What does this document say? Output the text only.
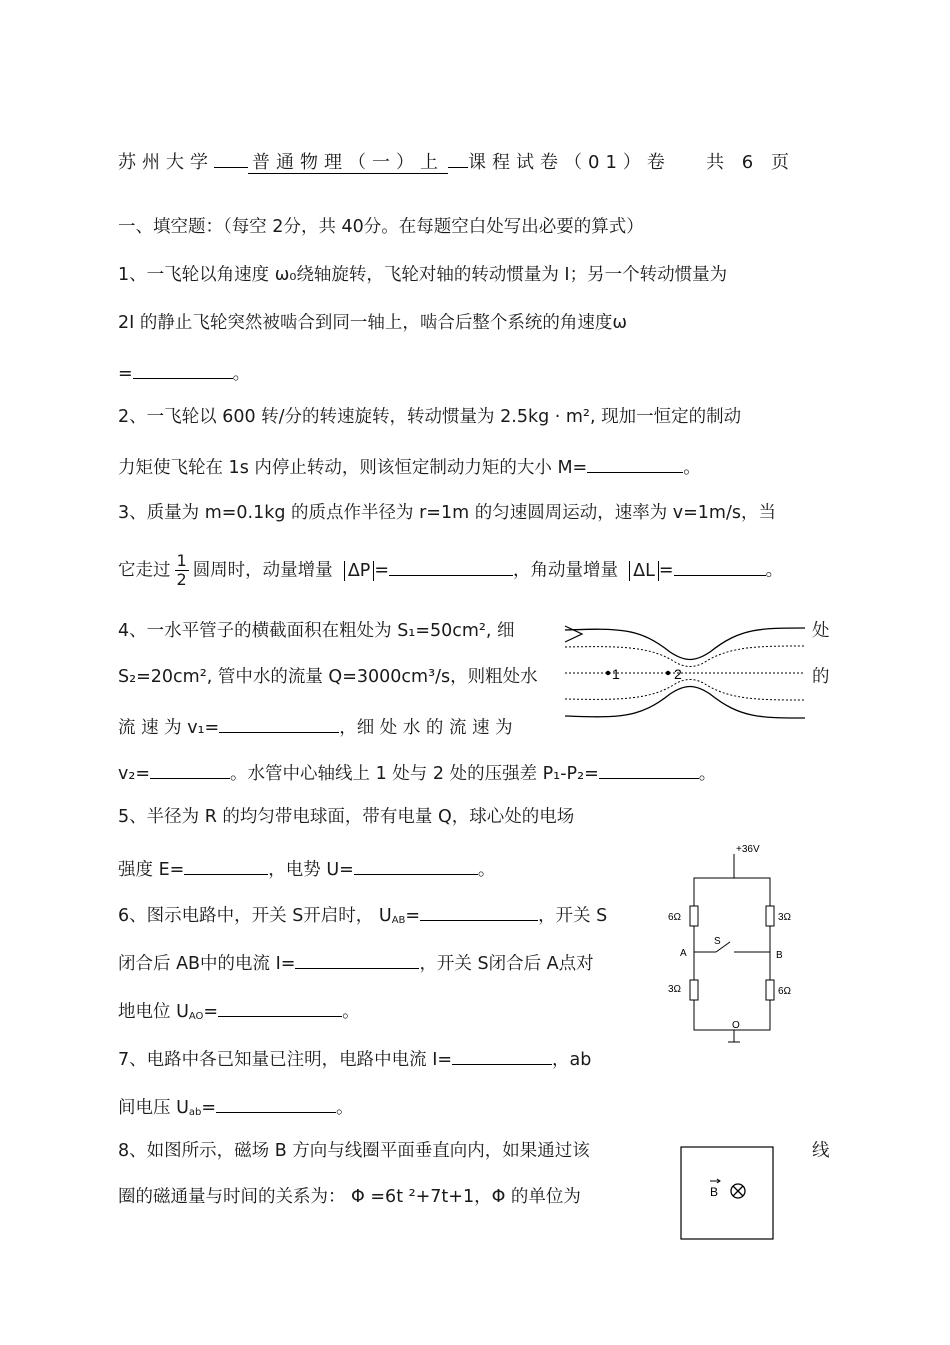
苏州大学 普通物理（一）上 课程试卷（01）卷 共 6 页
一、填空题：（每空 2分，共 40分。在每题空白处写出必要的算式）
1、一飞轮以角速度 ω₀绕轴旋转，飞轮对轴的转动惯量为 I；另一个转动惯量为
2I 的静止飞轮突然被啮合到同一轴上，啮合后整个系统的角速度ω
=	。
2、一飞轮以 600 转/分的转速旋转，转动惯量为 2.5kg · m², 现加一恒定的制动
力矩使飞轮在 1s 内停止转动，则该恒定制动力矩的大小 M=	。
3、质量为 m=0.1kg 的质点作半径为 r=1m 的匀速圆周运动，速率为 v=1m/s，当
它走过 $\frac{1}{2}$ 圆周时，动量增量 ΔP =	，角动量增量 ΔL =	。
4、一水平管子的横截面积在粗处为 S₁=50cm², 细	处
S₂=20cm², 管中水的流量 Q=3000cm³/s，则粗处水	的
流 速 为 v₁=	，细 处 水 的 流 速 为
v₂=	。水管中心轴线上 1 处与 2 处的压强差 P₁-P₂=	。
1	2
5、半径为 R 的均匀带电球面，带有电量 Q，球心处的电场
强度 E=	，电势 U=	。
6、图示电路中，开关 S开启时， $U_{AB}=$	，开关 S
闭合后 AB中的电流 I=	，开关 S闭合后 A点对
地电位 $U_{AO}=$	。
+36V
6Ω	3Ω
3Ω	6Ω
S
A	B
O
7、电路中各已知量已注明，电路中电流 I=	，ab
间电压 $U_{ab}=$	。
8、如图所示，磁场 B 方向与线圈平面垂直向内，如果通过该	线
圈的磁通量与时间的关系为： Φ =6t ²+7t+1，Φ 的单位为	B
